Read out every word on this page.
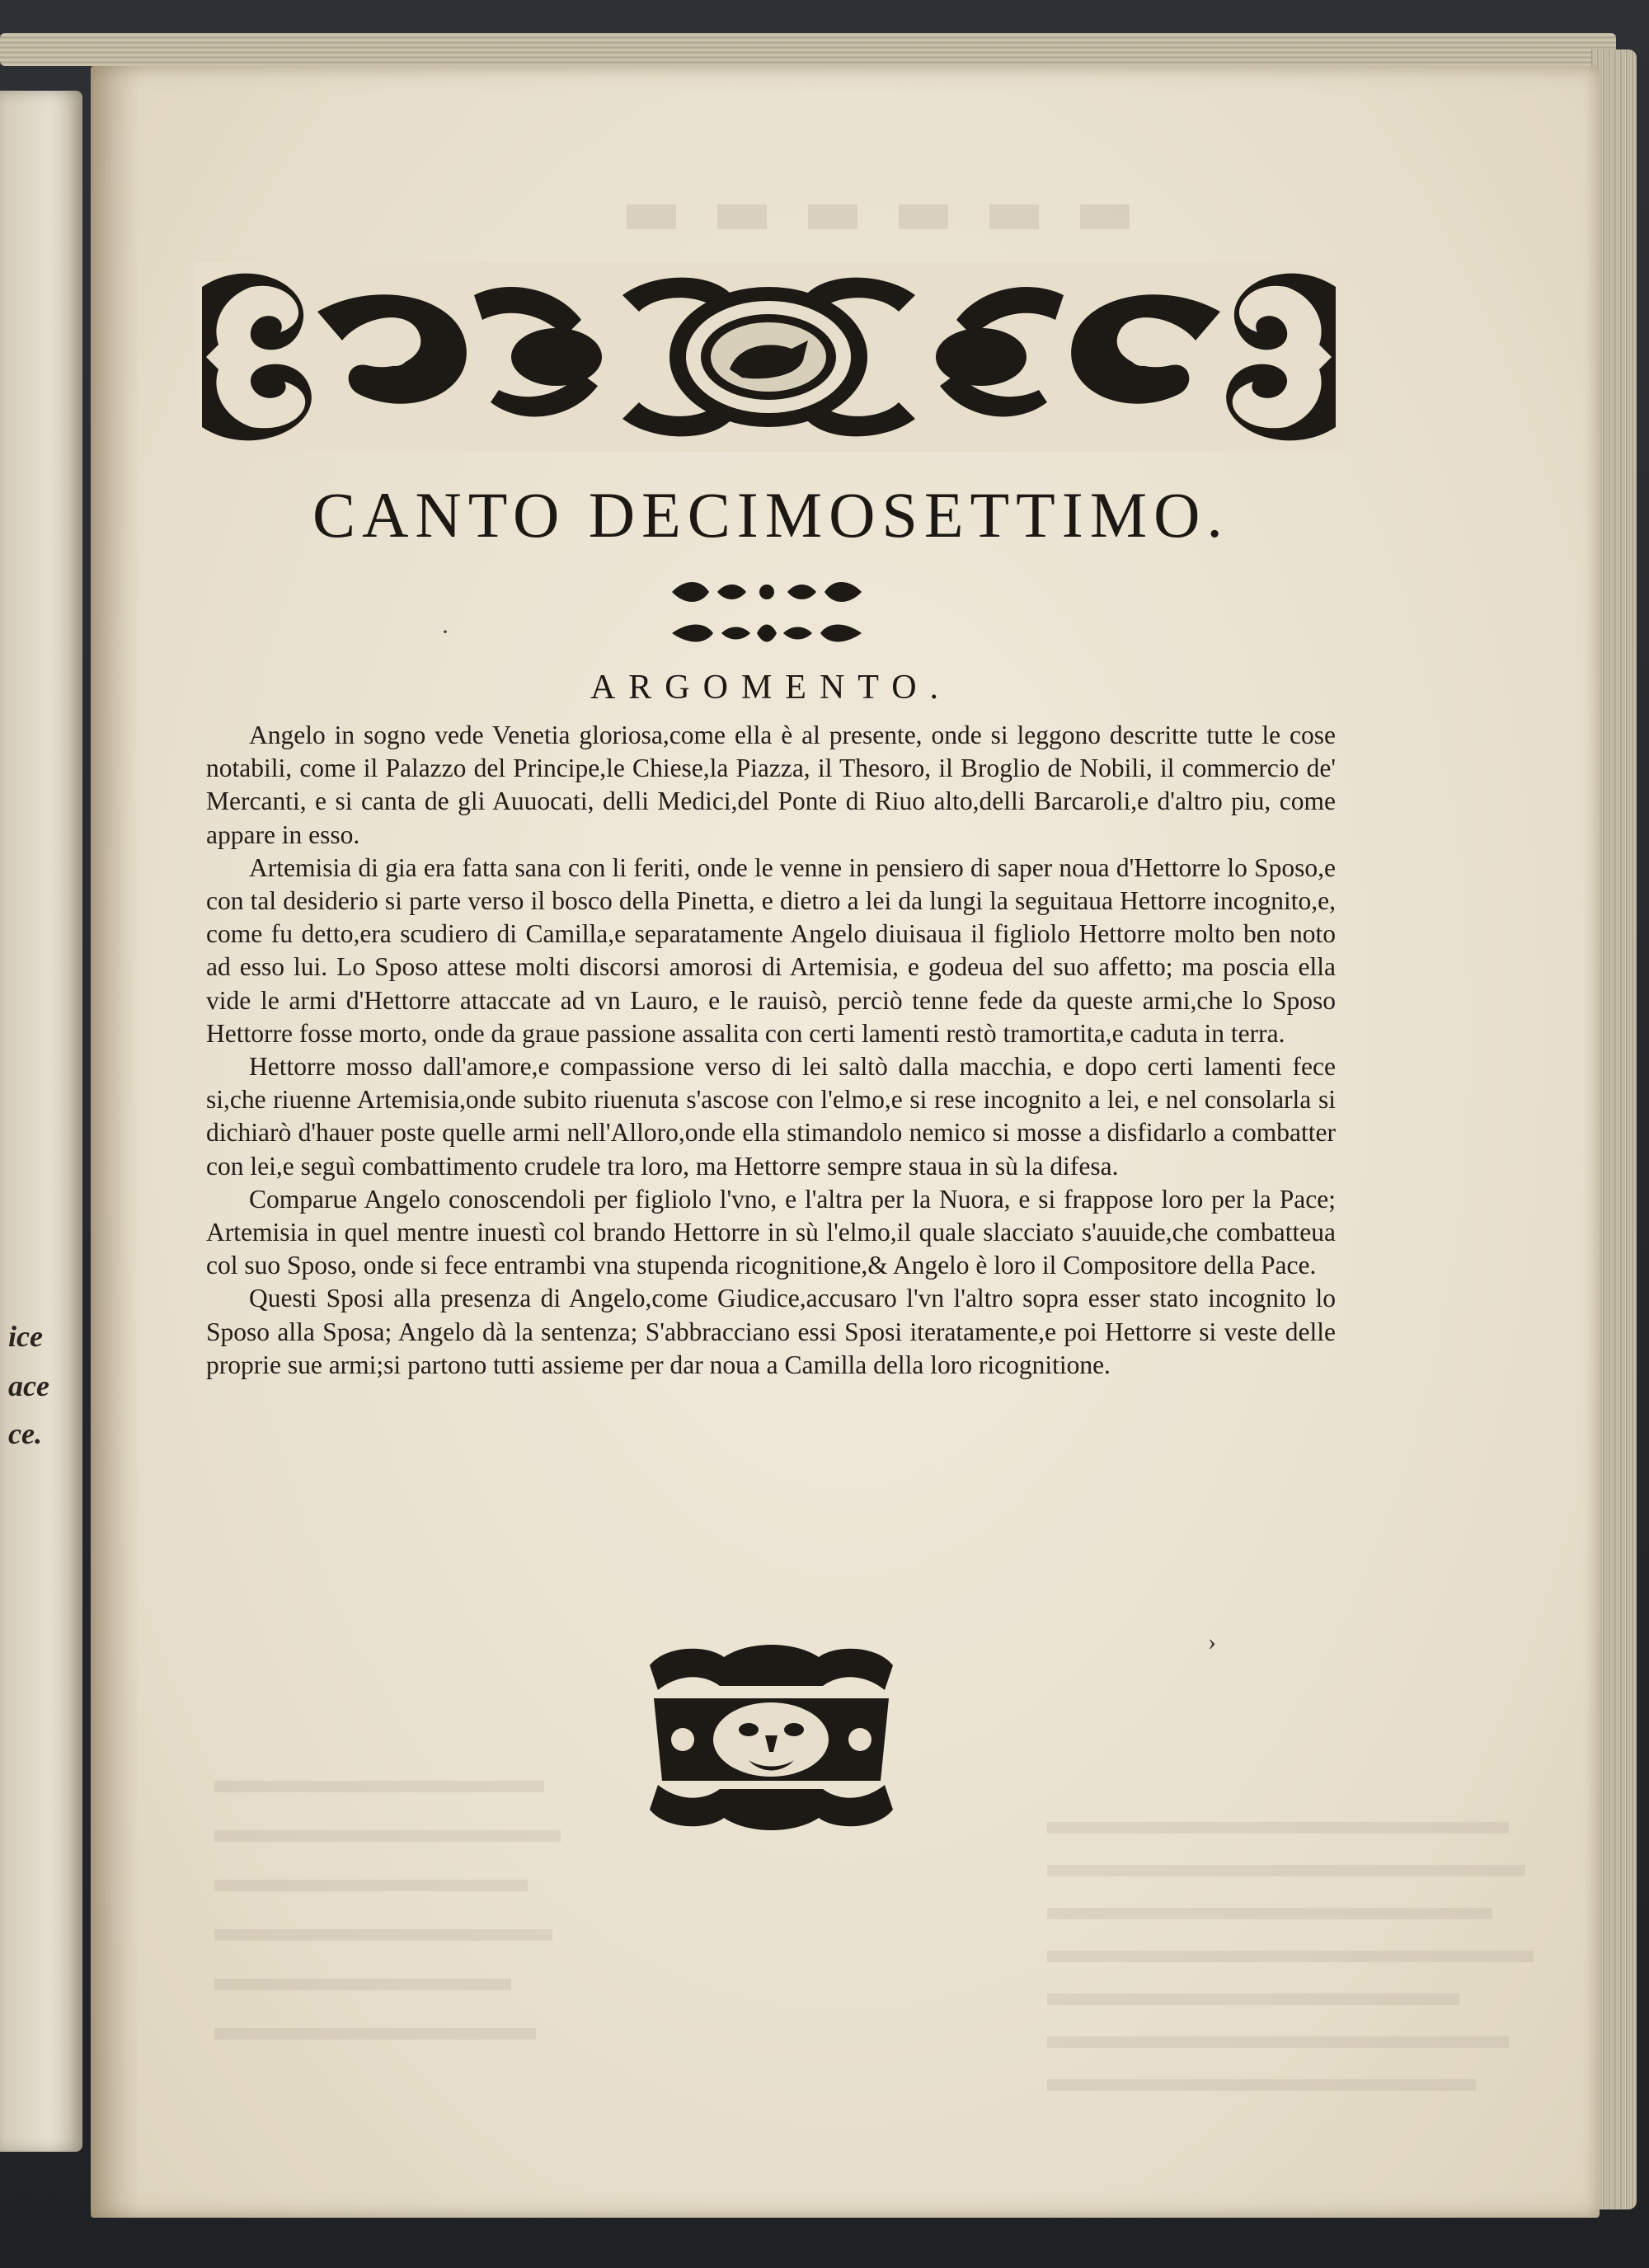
ice
ace
ce.
CANTO DECIMOSETTIMO.
ARGOMENTO.

Angelo in sogno vede Venetia gloriosa,come ella è al presente, onde si leggono descritte tutte le cose notabili, come il Palazzo del Principe,le Chiese,la Piazza, il Thesoro, il Broglio de Nobili, il commercio de' Mercanti, e si canta de gli Auuocati, delli Medici,del Ponte di Riuo alto,delli Barcaroli,e d'altro piu, come appare in esso.

Artemisia di gia era fatta sana con li feriti, onde le venne in pensiero di saper noua d'Hettorre lo Sposo,e con tal desiderio si parte verso il bosco della Pinetta, e dietro a lei da lungi la seguitaua Hettorre incognito,e, come fu detto,era scudiero di Camilla,e separatamente Angelo diuisaua il figliolo Hettorre molto ben noto ad esso lui. Lo Sposo attese molti discorsi amorosi di Artemisia, e godeua del suo affetto; ma poscia ella vide le armi d'Hettorre attaccate ad vn Lauro, e le rauisò, perciò tenne fede da queste armi,che lo Sposo Hettorre fosse morto, onde da graue passione assalita con certi lamenti restò tramortita,e caduta in terra.

Hettorre mosso dall'amore,e compassione verso di lei saltò dalla macchia, e dopo certi lamenti fece si,che riuenne Artemisia,onde subito riuenuta s'ascose con l'elmo,e si rese incognito a lei, e nel consolarla si dichiarò d'hauer poste quelle armi nell'Alloro,onde ella stimandolo nemico si mosse a disfidarlo a combatter con lei,e seguì combattimento crudele tra loro, ma Hettorre sempre staua in sù la difesa.

Comparue Angelo conoscendoli per figliolo l'vno, e l'altra per la Nuora, e si frappose loro per la Pace; Artemisia in quel mentre inuestì col brando Hettorre in sù l'elmo,il quale slacciato s'auuide,che combatteua col suo Sposo, onde si fece entrambi vna stupenda ricognitione,& Angelo è loro il Compositore della Pace.

Questi Sposi alla presenza di Angelo,come Giudice,accusaro l'vn l'altro sopra esser stato incognito lo Sposo alla Sposa; Angelo dà la sentenza; S'abbracciano essi Sposi iteratamente,e poi Hettorre si veste delle proprie sue armi;si partono tutti assieme per dar noua a Camilla della loro ricognitione.

·
›
